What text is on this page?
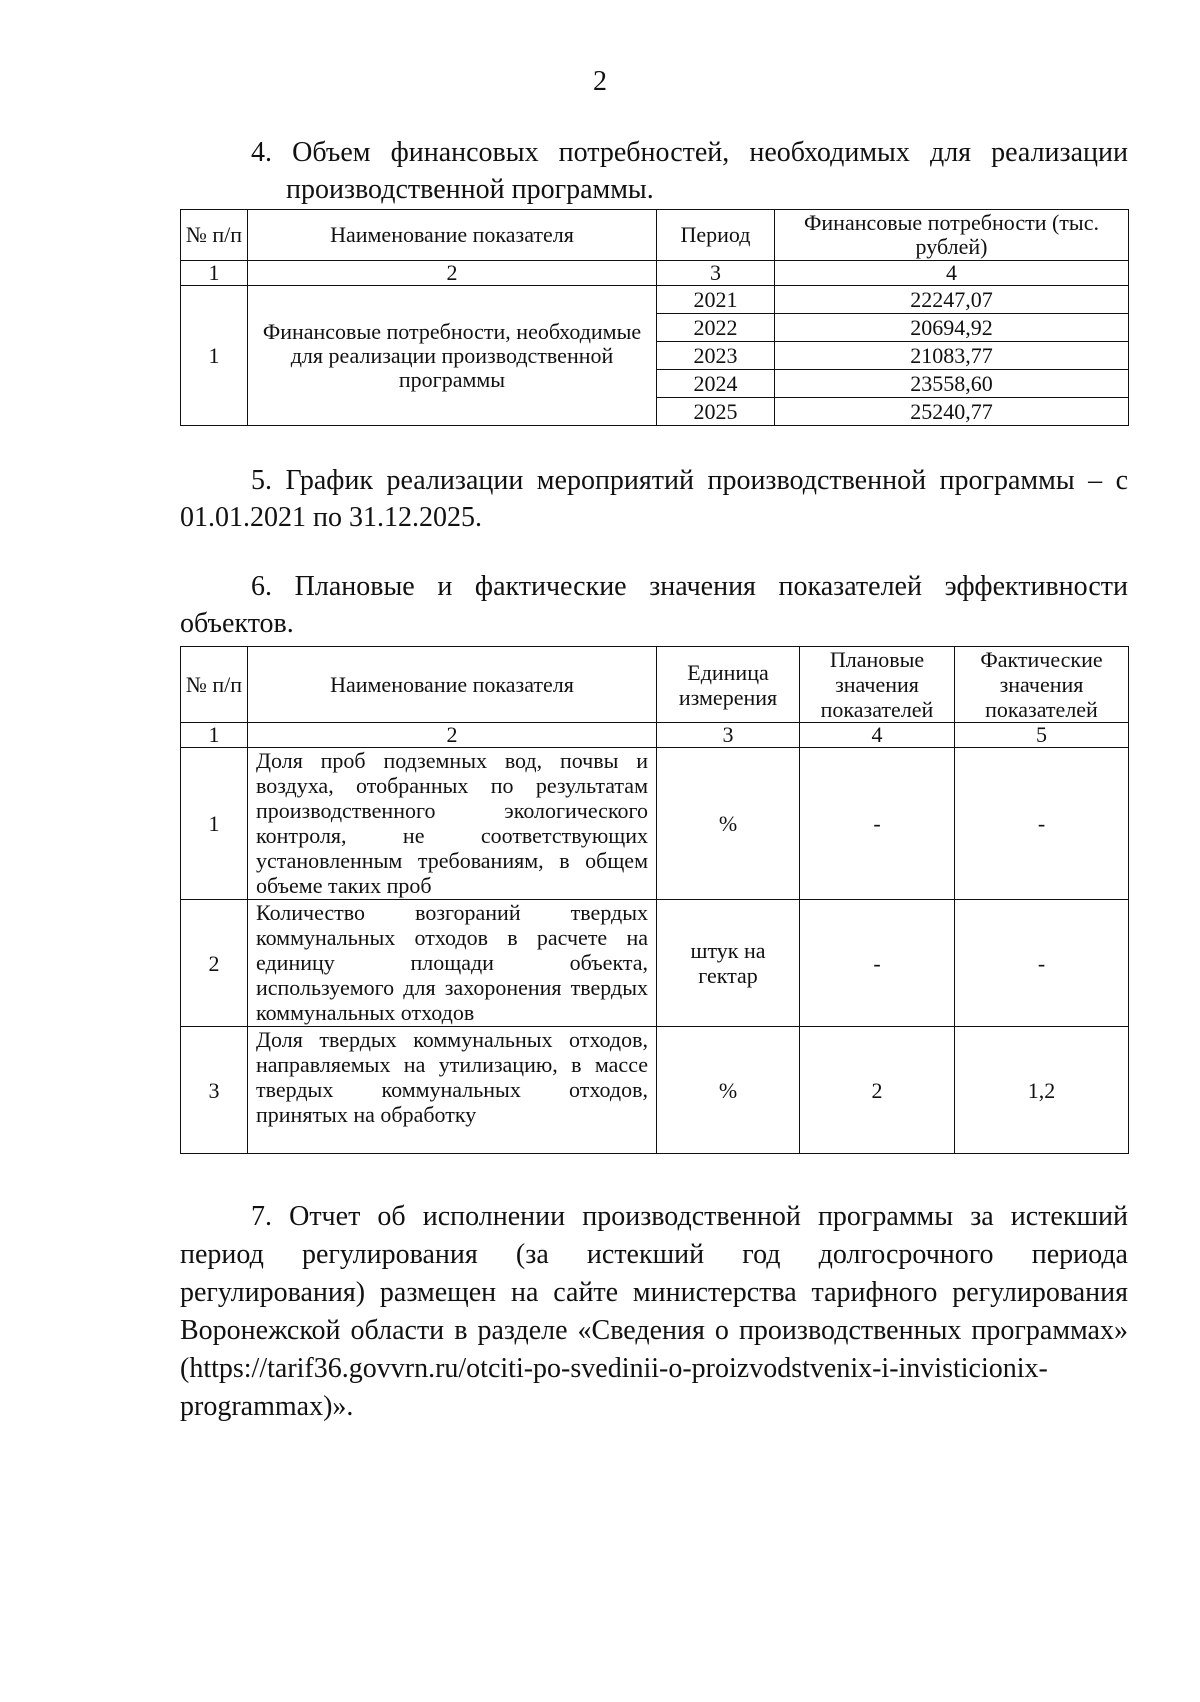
2

4. Объем финансовых потребностей, необходимых для реализации
производственной программы.

№ п/п	Наименование показателя	Период	Финансовые потребности (тыс. рублей)
1	2	3	4
1	Финансовые потребности, необходимые для реализации производственной программы	2021	22247,07
		2022	20694,92
		2023	21083,77
		2024	23558,60
		2025	25240,77

5. График реализации мероприятий производственной программы – с 01.01.2021 по 31.12.2025.

6. Плановые и фактические значения показателей эффективности объектов.

№ п/п	Наименование показателя	Единица измерения	Плановые значения показателей	Фактические значения показателей
1	2	3	4	5
1	Доля проб подземных вод, почвы и воздуха, отобранных по результатам производственного экологического контроля, не соответствующих установленным требованиям, в общем объеме таких проб	%	-	-
2	Количество возгораний твердых коммунальных отходов в расчете на единицу площади объекта, используемого для захоронения твердых коммунальных отходов	штук на гектар	-	-
3	Доля твердых коммунальных отходов, направляемых на утилизацию, в массе твердых коммунальных отходов, принятых на обработку	%	2	1,2

7. Отчет об исполнении производственной программы за истекший
период регулирования (за истекший год долгосрочного периода
регулирования) размещен на сайте министерства тарифного регулирования
Воронежской области в разделе «Сведения о производственных программах»
(https://tarif36.govvrn.ru/otciti-po-svedinii-o-proizvodstvenix-i-invisticionix-
programmax)».
